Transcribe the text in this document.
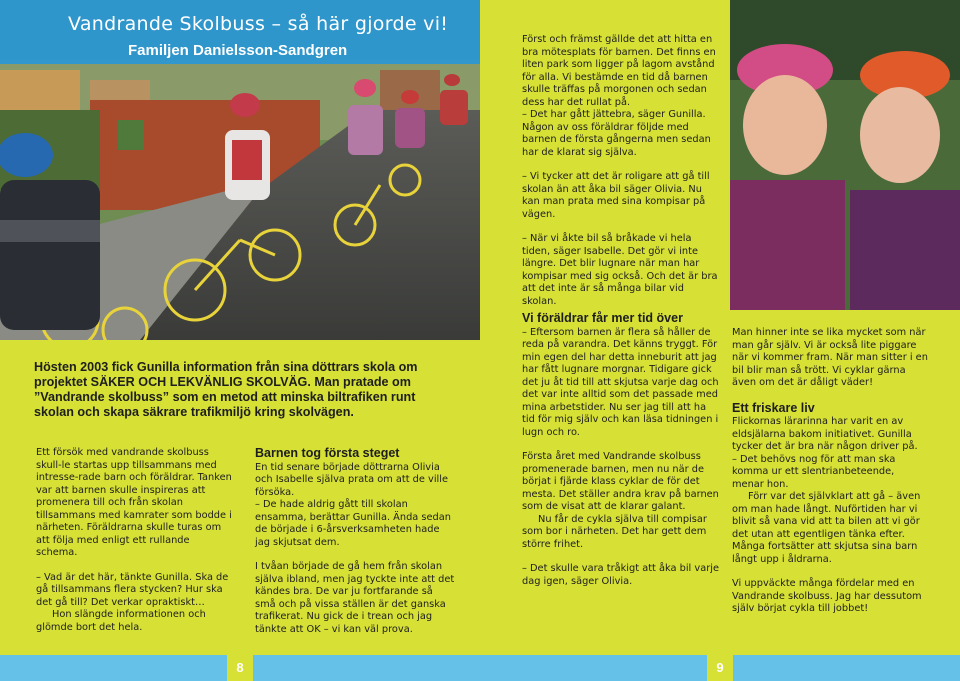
Vandrande Skolbuss – så här gjorde vi!
Familjen Danielsson-Sandgren
Hösten 2003 fick Gunilla information från sina döttrars skola om projektet SÄKER OCH LEKVÄNLIG SKOLVÄG. Man pratade om ”Vandrande skolbuss” som en metod att minska biltrafiken runt skolan och skapa säkrare trafikmiljö kring skolvägen.

Ett försök med vandrande skolbuss skull-le startas upp tillsammans med intresse-rade barn och föräldrar. Tanken var att barnen skulle inspireras att promenera till och från skolan tillsammans med kamrater som bodde i närheten. Föräldrarna skulle turas om att följa med enligt ett rullande schema.

– Vad är det här, tänkte Gunilla. Ska de gå tillsammans flera stycken? Hur ska det gå till? Det verkar opraktiskt…

Hon slängde informationen och glömde bort det hela.

Barnen tog första steget

En tid senare började döttrarna Olivia och Isabelle själva prata om att de ville försöka.

– De hade aldrig gått till skolan ensamma, berättar Gunilla. Ända sedan de började i 6-årsverksamheten hade jag skjutsat dem.

I tvåan började de gå hem från skolan själva ibland, men jag tyckte inte att det kändes bra. De var ju fortfarande så små och på vissa ställen är det ganska trafikerat. Nu gick de i trean och jag tänkte att OK – vi kan väl prova.

Först och främst gällde det att hitta en bra mötesplats för barnen. Det finns en liten park som ligger på lagom avstånd för alla. Vi bestämde en tid då barnen skulle träffas på morgonen och sedan dess har det rullat på.

– Det har gått jättebra, säger Gunilla. Någon av oss föräldrar följde med barnen de första gångerna men sedan har de klarat sig själva.

– Vi tycker att det är roligare att gå till skolan än att åka bil säger Olivia. Nu kan man prata med sina kompisar på vägen.

– När vi åkte bil så bråkade vi hela tiden, säger Isabelle. Det gör vi inte längre. Det blir lugnare när man har kompisar med sig också. Och det är bra att det inte är så många bilar vid skolan.

Vi föräldrar får mer tid över

– Eftersom barnen är flera så håller de reda på varandra. Det känns tryggt. För min egen del har detta inneburit att jag har fått lugnare morgnar. Tidigare gick det ju åt tid till att skjutsa varje dag och det var inte alltid som det passade med mina arbetstider. Nu ser jag till att ha tid för mig själv och kan läsa tidningen i lugn och ro.

Första året med Vandrande skolbuss promenerade barnen, men nu när de börjat i fjärde klass cyklar de för det mesta. Det ställer andra krav på barnen som de visat att de klarar galant.

Nu får de cykla själva till compisar som bor i närheten. Det har gett dem större frihet.

– Det skulle vara tråkigt att åka bil varje dag igen, säger Olivia.

Man hinner inte se lika mycket som när man går själv. Vi är också lite piggare när vi kommer fram. När man sitter i en bil blir man så trött. Vi cyklar gärna även om det är dåligt väder!

Ett friskare liv

Flickornas lärarinna har varit en av eldsjälarna bakom initiativet. Gunilla tycker det är bra när någon driver på.

– Det behövs nog för att man ska komma ur ett slentrianbeteende, menar hon.

Förr var det självklart att gå – även om man hade långt. Nuförtiden har vi blivit så vana vid att ta bilen att vi gör det utan att egentligen tänka efter. Många fortsätter att skjutsa sina barn långt upp i åldrarna.

Vi uppväckte många fördelar med en Vandrande skolbuss. Jag har dessutom själv börjat cykla till jobbet!

8	9
